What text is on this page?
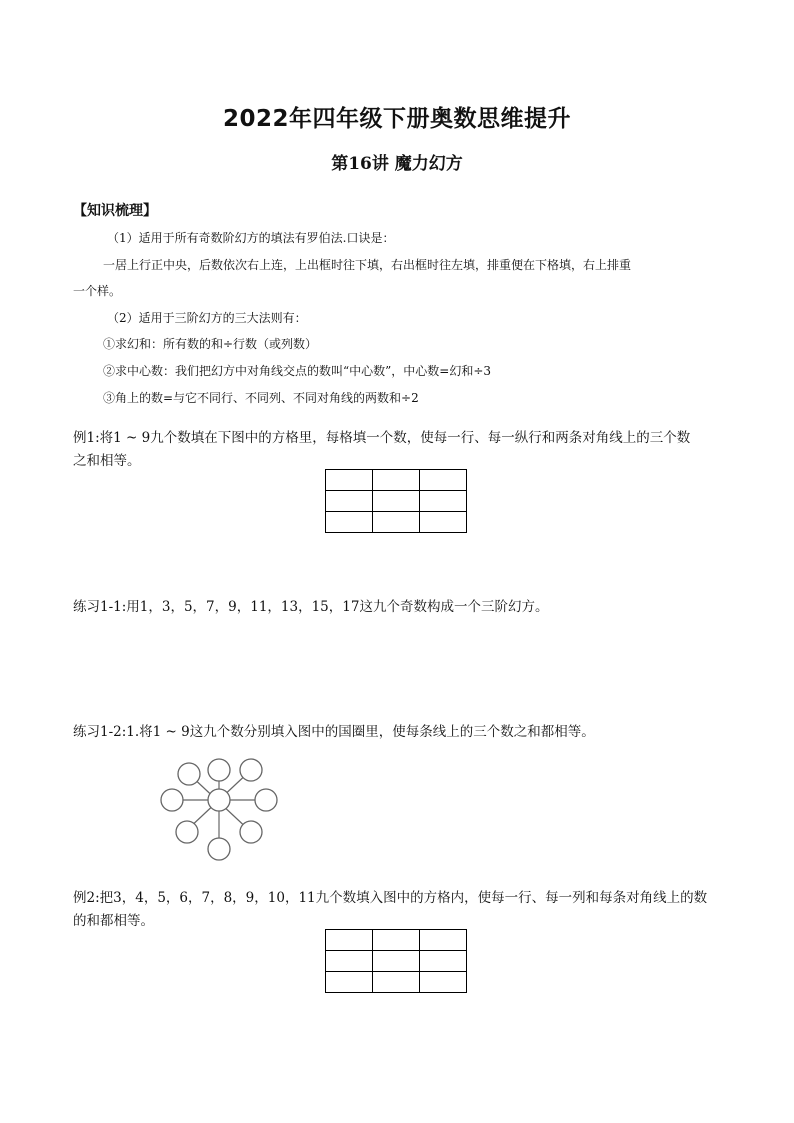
2022年四年级下册奥数思维提升
第16讲 魔力幻方
【知识梳理】
（1）适用于所有奇数阶幻方的填法有罗伯法.口诀是：
一居上行正中央，后数依次右上连，上出框时往下填，右出框时往左填，排重便在下格填，右上排重
一个样。
（2）适用于三阶幻方的三大法则有：
①求幻和：所有数的和÷行数（或列数）
②求中心数：我们把幻方中对角线交点的数叫“中心数”，中心数=幻和÷3
③角上的数=与它不同行、不同列、不同对角线的两数和÷2
例1:将1 ~ 9九个数填在下图中的方格里，每格填一个数，使每一行、每一纵行和两条对角线上的三个数
之和相等。

练习1-1:用1，3，5，7，9，11，13，15，17这九个奇数构成一个三阶幻方。
练习1-2:1.将1 ~ 9这九个数分别填入图中的国圈里，使每条线上的三个数之和都相等。
例2:把3，4，5，6，7，8，9，10，11九个数填入图中的方格内，使每一行、每一列和每条对角线上的数
的和都相等。
